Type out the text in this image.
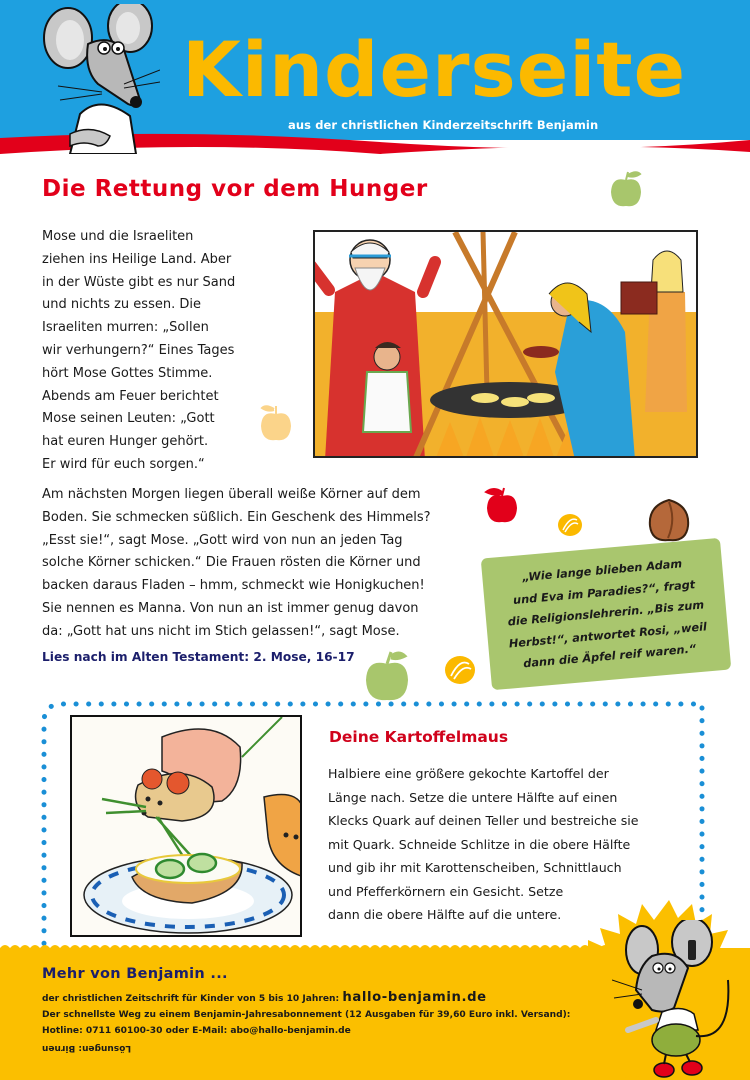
Kinderseite
aus der christlichen Kinderzeitschrift Benjamin
Die Rettung vor dem Hunger

Mose und die Israeliten

ziehen ins Heilige Land. Aber

in der Wüste gibt es nur Sand

und nichts zu essen. Die

Israeliten murren: „Sollen

wir verhungern?“ Eines Tages

hört Mose Gottes Stimme.

Abends am Feuer berichtet

Mose seinen Leuten: „Gott

hat euren Hunger gehört.

Er wird für euch sorgen.“

Am nächsten Morgen liegen überall weiße Körner auf dem

Boden. Sie schmecken süßlich. Ein Geschenk des Himmels?

„Esst sie!“, sagt Mose. „Gott wird von nun an jeden Tag

solche Körner schicken.“ Die Frauen rösten die Körner und

backen daraus Fladen – hmm, schmeckt wie Honigkuchen!

Sie nennen es Manna. Von nun an ist immer genug davon

da: „Gott hat uns nicht im Stich gelassen!“, sagt Mose.

Lies nach im Alten Testament: 2. Mose, 16-17
„Wie lange blieben Adam
und Eva im Paradies?“, fragt
die Religionslehrerin. „Bis zum
Herbst!“, antwortet Rosi, „weil
dann die Äpfel reif waren.“
Deine Kartoffelmaus

Halbiere eine größere gekochte Kartoffel der

Länge nach. Setze die untere Hälfte auf einen

Klecks Quark auf deinen Teller und bestreiche sie

mit Quark. Schneide Schlitze in die obere Hälfte

und gib ihr mit Karottenscheiben, Schnittlauch

und Pfefferkörnern ein Gesicht. Setze

dann die obere Hälfte auf die untere.

Mehr von Benjamin ...
der christlichen Zeitschrift für Kinder von 5 bis 10 Jahren: hallo-benjamin.de
Der schnellste Weg zu einem Benjamin-Jahresabonnement (12 Ausgaben für 39,60 Euro inkl. Versand):
Hotline: 0711 60100-30 oder E-Mail: abo@hallo-benjamin.de
Lösungen: Birnen
